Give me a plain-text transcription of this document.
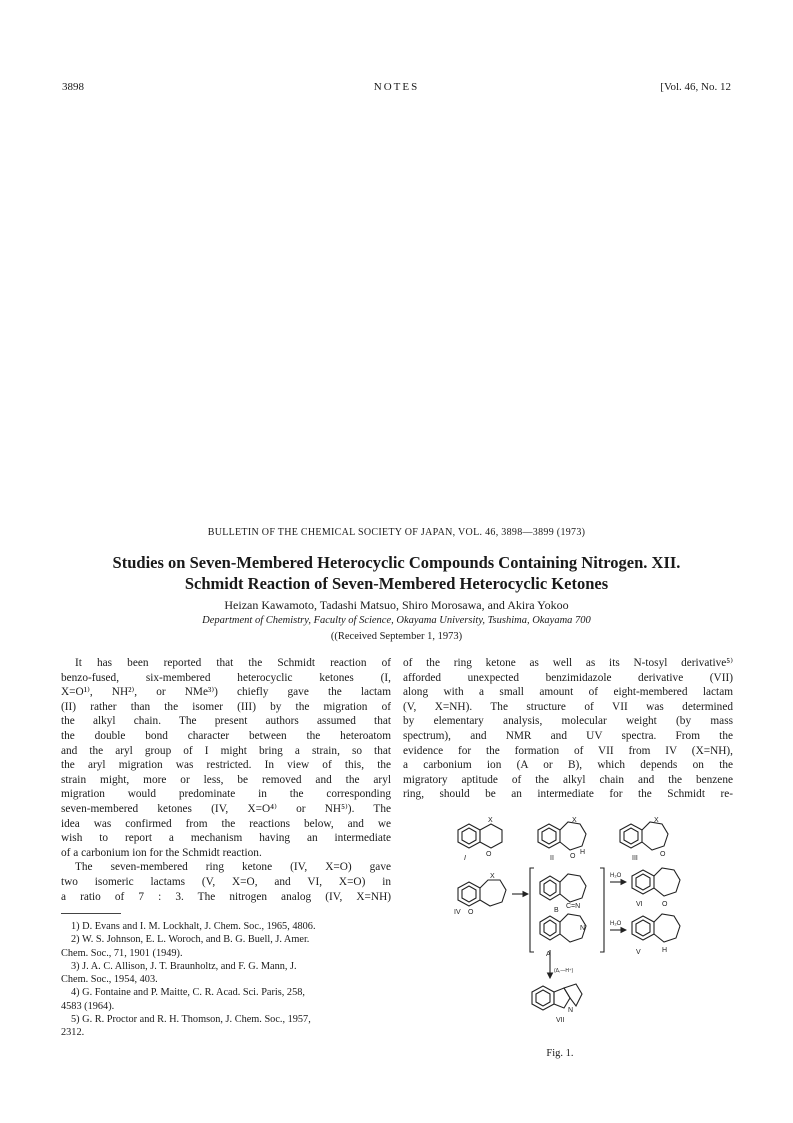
3898	NOTES	[Vol. 46, No. 12
BULLETIN OF THE CHEMICAL SOCIETY OF JAPAN, VOL. 46, 3898—3899 (1973)
Studies on Seven-Membered Heterocyclic Compounds Containing Nitrogen. XII.
Schmidt Reaction of Seven-Membered Heterocyclic Ketones
Heizan Kawamoto, Tadashi Matsuo, Shiro Morosawa, and Akira Yokoo
Department of Chemistry, Faculty of Science, Okayama University, Tsushima, Okayama 700
((Received September 1, 1973)
It has been reported that the Schmidt reaction of
benzo-fused, six-membered heterocyclic ketones (I,
X=O¹⁾, NH²⁾, or NMe³⁾) chiefly gave the lactam
(II) rather than the isomer (III) by the migration of
the alkyl chain. The present authors assumed that
the double bond character between the heteroatom
and the aryl group of I might bring a strain, so that
the aryl migration was restricted. In view of this, the
strain might, more or less, be removed and the aryl
migration would predominate in the corresponding
seven-membered ketones (IV, X=O⁴⁾ or NH⁵⁾). The
idea was confirmed from the reactions below, and we
wish to report a mechanism having an intermediate
of a carbonium ion for the Schmidt reaction.
The seven-membered ring ketone (IV, X=O) gave
two isomeric lactams (V, X=O, and VI, X=O) in
a ratio of 7 : 3. The nitrogen analog (IV, X=NH)
of the ring ketone as well as its N-tosyl derivative⁵⁾
afforded unexpected benzimidazole derivative (VII)
along with a small amount of eight-membered lactam
(V, X=NH). The structure of VII was determined
by elementary analysis, molecular weight (by mass
spectrum), and NMR and UV spectra. From the
evidence for the formation of VII from IV (X=NH),
a carbonium ion (A or B), which depends on the
migratory aptitude of the alkyl chain and the benzene
ring, should be an intermediate for the Schmidt re-
1) D. Evans and I. M. Lockhalt, J. Chem. Soc., 1965, 4806.
2) W. S. Johnson, E. L. Woroch, and B. G. Buell, J. Amer.
Chem. Soc., 71, 1901 (1949).
3) J. A. C. Allison, J. T. Braunholtz, and F. G. Mann, J.
Chem. Soc., 1954, 403.
4) G. Fontaine and P. Maitte, C. R. Acad. Sci. Paris, 258,
4583 (1964).
5) G. R. Proctor and R. H. Thomson, J. Chem. Soc., 1957,
2312.
I
O
X
II
X
O
H
III
X
O
IV
X
O
C=N
B
A
N
H₂O
H₂O
(Δ,—H⁺)
VI	O
V	H
N
VII
Fig. 1.
